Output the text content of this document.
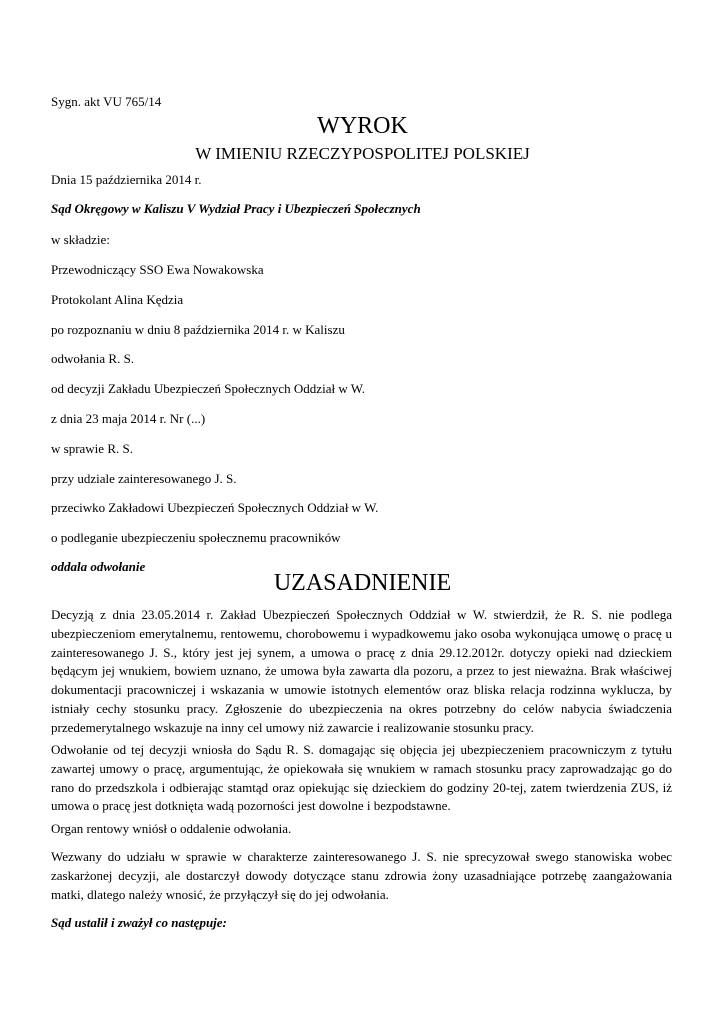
Sygn. akt VU 765/14
WYROK
W IMIENIU RZECZYPOSPOLITEJ POLSKIEJ
Dnia 15 października 2014 r.
Sąd Okręgowy w Kaliszu V Wydział Pracy i Ubezpieczeń Społecznych
w składzie:
Przewodniczący SSO Ewa Nowakowska
Protokolant Alina Kędzia
po rozpoznaniu w dniu 8 października 2014 r. w Kaliszu
odwołania R. S.
od decyzji Zakładu Ubezpieczeń Społecznych Oddział w W.
z dnia 23 maja 2014 r. Nr (...)
w sprawie R. S.
przy udziale zainteresowanego J. S.
przeciwko Zakładowi Ubezpieczeń Społecznych Oddział w W.
o podleganie ubezpieczeniu społecznemu pracowników
oddala odwołanie
UZASADNIENIE

Decyzją z dnia 23.05.2014 r. Zakład Ubezpieczeń Społecznych Oddział w W. stwierdził, że R. S. nie podlega ubezpieczeniom emerytalnemu, rentowemu, chorobowemu i wypadkowemu jako osoba wykonująca umowę o pracę u zainteresowanego J. S., który jest jej synem, a umowa o pracę z dnia 29.12.2012r. dotyczy opieki nad dzieckiem będącym jej wnukiem, bowiem uznano, że umowa była zawarta dla pozoru, a przez to jest nieważna. Brak właściwej dokumentacji pracowniczej i wskazania w umowie istotnych elementów oraz bliska relacja rodzinna wyklucza, by istniały cechy stosunku pracy. Zgłoszenie do ubezpieczenia na okres potrzebny do celów nabycia świadczenia przedemerytalnego wskazuje na inny cel umowy niż zawarcie i realizowanie stosunku pracy.

Odwołanie od tej decyzji wniosła do Sądu R. S. domagając się objęcia jej ubezpieczeniem pracowniczym z tytułu zawartej umowy o pracę, argumentując, że opiekowała się wnukiem w ramach stosunku pracy zaprowadzając go do rano do przedszkola i odbierając stamtąd oraz opiekując się dzieckiem do godziny 20-tej, zatem twierdzenia ZUS, iż umowa o pracę jest dotknięta wadą pozorności jest dowolne i bezpodstawne.

Organ rentowy wniósł o oddalenie odwołania.

Wezwany do udziału w sprawie w charakterze zainteresowanego J. S. nie sprecyzował swego stanowiska wobec zaskarżonej decyzji, ale dostarczył dowody dotyczące stanu zdrowia żony uzasadniające potrzebę zaangażowania matki, dlatego należy wnosić, że przyłączył się do jej odwołania.

Sąd ustalił i zważył co następuje:
